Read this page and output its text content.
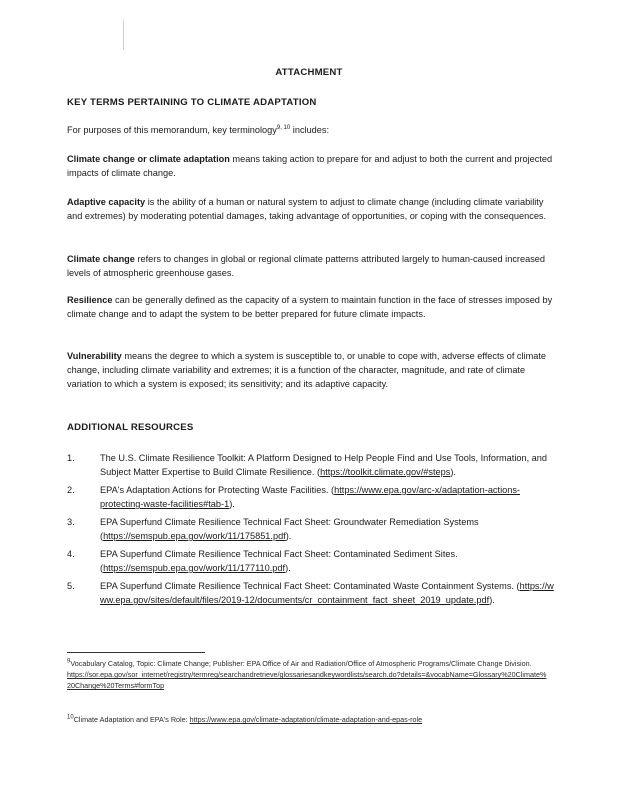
ATTACHMENT
KEY TERMS PERTAINING TO CLIMATE ADAPTATION
For purposes of this memorandum, key terminology$^{9, 10}$ includes:
Climate change or climate adaptation means taking action to prepare for and adjust to both the current and projected impacts of climate change.
Adaptive capacity is the ability of a human or natural system to adjust to climate change (including climate variability and extremes) by moderating potential damages, taking advantage of opportunities, or coping with the consequences.
Climate change refers to changes in global or regional climate patterns attributed largely to human-caused increased levels of atmospheric greenhouse gases.
Resilience can be generally defined as the capacity of a system to maintain function in the face of stresses imposed by climate change and to adapt the system to be better prepared for future climate impacts.
Vulnerability means the degree to which a system is susceptible to, or unable to cope with, adverse effects of climate change, including climate variability and extremes; it is a function of the character, magnitude, and rate of climate variation to which a system is exposed; its sensitivity; and its adaptive capacity.
ADDITIONAL RESOURCES
1.	The U.S. Climate Resilience Toolkit: A Platform Designed to Help People Find and Use Tools, Information, and Subject Matter Expertise to Build Climate Resilience. (https://toolkit.climate.gov/#steps).
2.	EPA's Adaptation Actions for Protecting Waste Facilities. (https://www.epa.gov/arc-x/adaptation-actions-protecting-waste-facilities#tab-1).
3.	EPA Superfund Climate Resilience Technical Fact Sheet: Groundwater Remediation Systems (https://semspub.epa.gov/work/11/175851.pdf).
4.	EPA Superfund Climate Resilience Technical Fact Sheet: Contaminated Sediment Sites. (https://semspub.epa.gov/work/11/177110.pdf).
5.	EPA Superfund Climate Resilience Technical Fact Sheet: Contaminated Waste Containment Systems. (https://www.epa.gov/sites/default/files/2019-12/documents/cr_containment_fact_sheet_2019_update.pdf).
$^9$Vocabulary Catalog, Topic: Climate Change; Publisher: EPA Office of Air and Radiation/Office of Atmospheric Programs/Climate Change Division.
https://sor.epa.gov/sor_internet/registry/termreg/searchandretrieve/glossariesandkeywordlists/search.do?details=&vocabName=Glossary%20Climate%20Change%20Terms#formTop
$^{10}$Climate Adaptation and EPA's Role: https://www.epa.gov/climate-adaptation/climate-adaptation-and-epas-role
